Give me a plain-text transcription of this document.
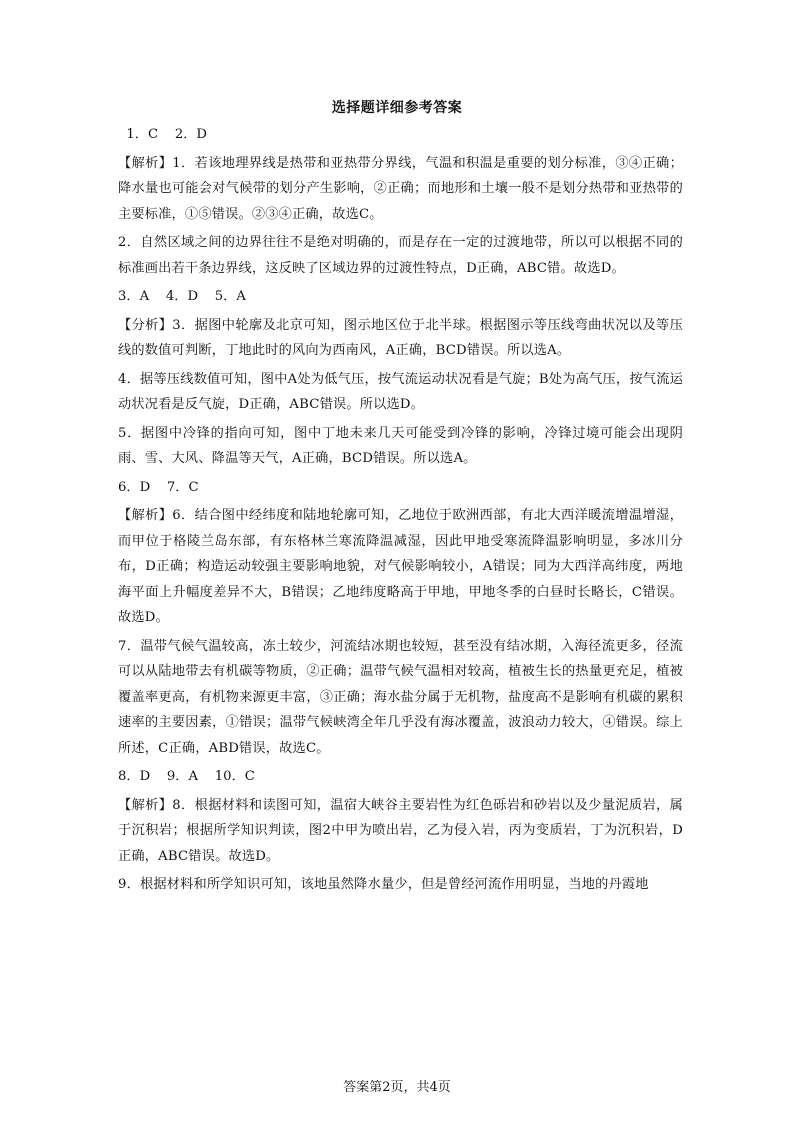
选择题详细参考答案
1．C    2．D
【解析】1．若该地理界线是热带和亚热带分界线，气温和积温是重要的划分标准，③④正确；降水量也可能会对气候带的划分产生影响，②正确；而地形和土壤一般不是划分热带和亚热带的主要标准，①⑤错误。②③④正确，故选C。
2．自然区域之间的边界往往不是绝对明确的，而是存在一定的过渡地带，所以可以根据不同的标准画出若干条边界线，这反映了区域边界的过渡性特点，D正确，ABC错。故选D。
3．A    4．D    5．A
【分析】3．据图中轮廓及北京可知，图示地区位于北半球。根据图示等压线弯曲状况以及等压线的数值可判断，丁地此时的风向为西南风，A正确，BCD错误。所以选A。
4．据等压线数值可知，图中A处为低气压，按气流运动状况看是气旋；B处为高气压，按气流运动状况看是反气旋，D正确，ABC错误。所以选D。
5．据图中冷锋的指向可知，图中丁地未来几天可能受到冷锋的影响，冷锋过境可能会出现阴雨、雪、大风、降温等天气，A正确，BCD错误。所以选A。
6．D    7．C
【解析】6．结合图中经纬度和陆地轮廓可知，乙地位于欧洲西部，有北大西洋暖流增温增湿，而甲位于格陵兰岛东部，有东格林兰寒流降温减湿，因此甲地受寒流降温影响明显，多冰川分布，D正确；构造运动较强主要影响地貌，对气候影响较小，A错误；同为大西洋高纬度，两地海平面上升幅度差异不大，B错误；乙地纬度略高于甲地，甲地冬季的白昼时长略长，C错误。故选D。
7．温带气候气温较高，冻土较少，河流结冰期也较短，甚至没有结冰期，入海径流更多，径流可以从陆地带去有机碳等物质，②正确；温带气候气温相对较高，植被生长的热量更充足，植被覆盖率更高，有机物来源更丰富，③正确；海水盐分属于无机物，盐度高不是影响有机碳的累积速率的主要因素，①错误；温带气候峡湾全年几乎没有海冰覆盖，波浪动力较大，④错误。综上所述，C正确，ABD错误，故选C。
8．D    9．A    10．C
【解析】8．根据材料和读图可知，温宿大峡谷主要岩性为红色砾岩和砂岩以及少量泥质岩，属于沉积岩；根据所学知识判读，图2中甲为喷出岩，乙为侵入岩，丙为变质岩，丁为沉积岩，D正确，ABC错误。故选D。
9．根据材料和所学知识可知，该地虽然降水量少，但是曾经河流作用明显，当地的丹霞地
答案第2页，共4页
